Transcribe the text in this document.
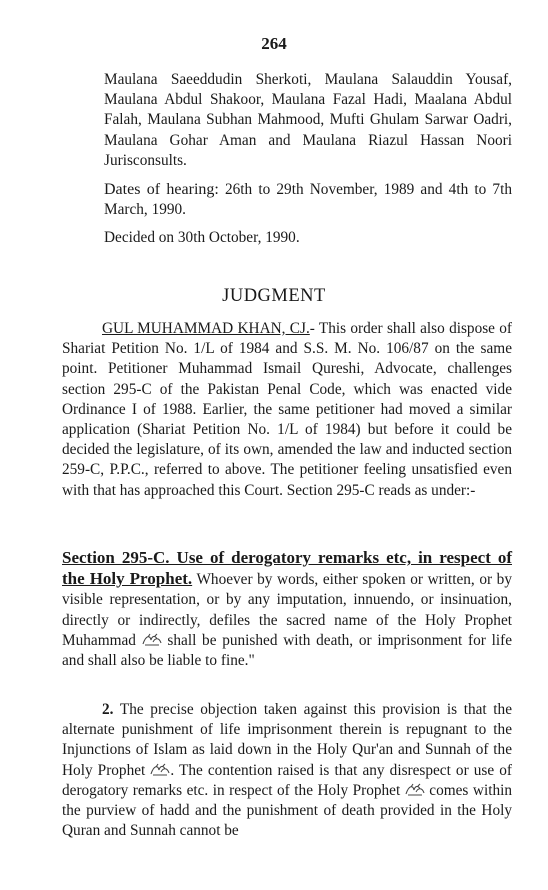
264

Maulana Saeeddudin Sherkoti, Maulana Salauddin Yousaf, Maulana Abdul Shakoor, Maulana Fazal Hadi, Maalana Abdul Falah, Maulana Subhan Mahmood, Mufti Ghulam Sarwar Oadri, Maulana Gohar Aman and Maulana Riazul Hassan Noori Jurisconsults.

Dates of hearing: 26th to 29th November, 1989 and 4th to 7th March, 1990.

Decided on 30th October, 1990.

JUDGMENT

GUL MUHAMMAD KHAN, CJ.- This order shall also dispose of Shariat Petition No. 1/L of 1984 and S.S. M. No. 106/87 on the same point. Petitioner Muhammad Ismail Qureshi, Advocate, challenges section 295-C of the Pakistan Penal Code, which was enacted vide Ordinance I of 1988. Earlier, the same petitioner had moved a similar application (Shariat Petition No. 1/L of 1984) but before it could be decided the legislature, of its own, amended the law and inducted section 259-C, P.P.C., referred to above. The petitioner feeling unsatisfied even with that has approached this Court. Section 295-C reads as under:-

Section 295-C. Use of derogatory remarks etc, in respect of the Holy Prophet. Whoever by words, either spoken or written, or by visible representation, or by any imputation, innuendo, or insinuation, directly or indirectly, defiles the sacred name of the Holy Prophet Muhammad  shall be punished with death, or imprisonment for life and shall also be liable to fine."

2. The precise objection taken against this provision is that the alternate punishment of life imprisonment therein is repugnant to the Injunctions of Islam as laid down in the Holy Qur'an and Sunnah of the Holy Prophet . The contention raised is that any disrespect or use of derogatory remarks etc. in respect of the Holy Prophet  comes within the purview of hadd and the punishment of death provided in the Holy Quran and Sunnah cannot be
